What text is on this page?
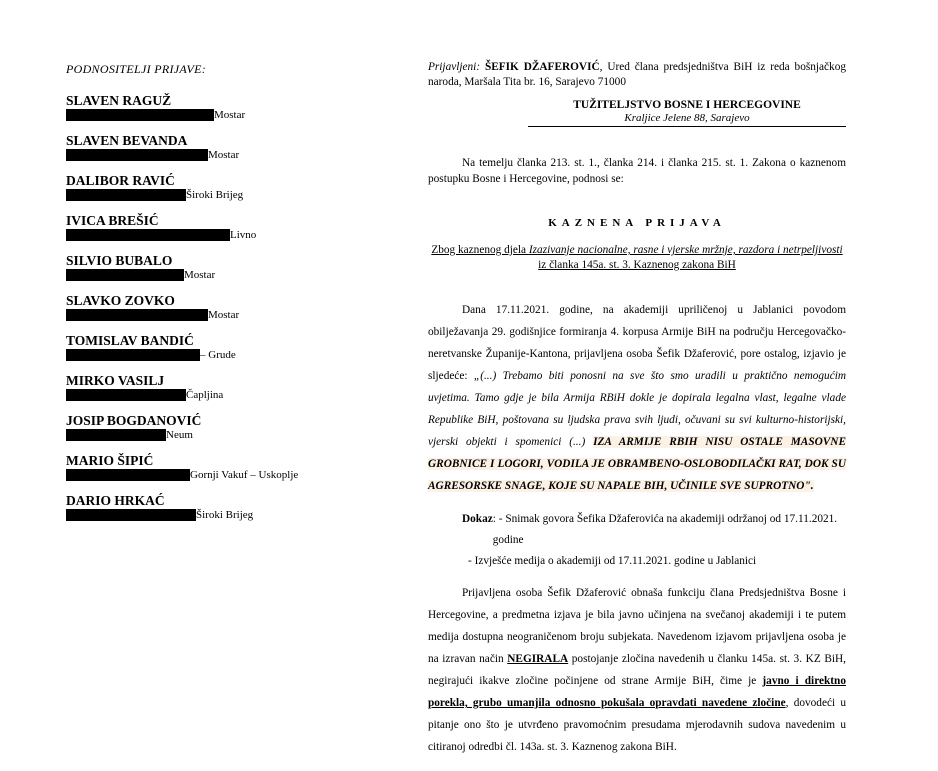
PODNOSITELJI PRIJAVE:
SLAVEN RAGUŽ
Mostar
SLAVEN BEVANDA
Mostar
DALIBOR RAVIĆ
Široki Brijeg
IVICA BREŠIĆ
Livno
SILVIO BUBALO
Mostar
SLAVKO ZOVKO
Mostar
TOMISLAV BANDIĆ
– Grude
MIRKO VASILJ
Čapljina
JOSIP BOGDANOVIĆ
Neum
MARIO ŠIPIĆ
Gornji Vakuf – Uskoplje
DARIO HRKAĆ
Široki Brijeg
Prijavljeni: ŠEFIK DŽAFEROVIĆ, Ured člana predsjedništva BiH iz reda bošnjačkog naroda, Maršala Tita br. 16, Sarajevo 71000
TUŽITELJSTVO BOSNE I HERCEGOVINE
Kraljice Jelene 88, Sarajevo
Na temelju članka 213. st. 1., članka 214. i članka 215. st. 1. Zakona o kaznenom postupku Bosne i Hercegovine, podnosi se:
KAZNENA PRIJAVA
Zbog kaznenog djela Izazivanje nacionalne, rasne i vjerske mržnje, razdora i netrpeljivosti iz članka 145a. st. 3. Kaznenog zakona BiH
Dana 17.11.2021. godine, na akademiji upriličenoj u Jablanici povodom obilježavanja 29. godišnjice formiranja 4. korpusa Armije BiH na području Hercegovačko-neretvanske Županije-Kantona, prijavljena osoba Šefik Džaferović, pore ostalog, izjavio je sljedeće: „(...) Trebamo biti ponosni na sve što smo uradili u praktično nemogućim uvjetima. Tamo gdje je bila Armija RBiH dokle je dopirala legalna vlast, legalne vlade Republike BiH, poštovana su ljudska prava svih ljudi, očuvani su svi kulturno-historijski, vjerski objekti i spomenici (...) IZA ARMIJE RBIH NISU OSTALE MASOVNE GROBNICE I LOGORI, VODILA JE OBRAMBENO-OSLOBODILAČKI RAT, DOK SU AGRESORSKE SNAGE, KOJE SU NAPALE BIH, UČINILE SVE SUPROTNO".
Dokaz : - Snimak govora Šefika Džaferovića na akademiji održanoj od 17.11.2021. godine
- Izvješće medija o akademiji od 17.11.2021. godine u Jablanici
Prijavljena osoba Šefik Džaferović obnaša funkciju člana Predsjedništva Bosne i Hercegovine, a predmetna izjava je bila javno učinjena na svečanoj akademiji i te putem medija dostupna neograničenom broju subjekata. Navedenom izjavom prijavljena osoba je na izravan način NEGIRALA postojanje zločina navedenih u članku 145a. st. 3. KZ BiH, negirajući ikakve zločine počinjene od strane Armije BiH, čime je javno i direktno porekla, grubo umanjila odnosno pokušala opravdati navedene zločine, dovodeći u pitanje ono što je utvrđeno pravomoćnim presudama mjerodavnih sudova navedenim u citiranoj odredbi čl. 143a. st. 3. Kaznenog zakona BiH.
